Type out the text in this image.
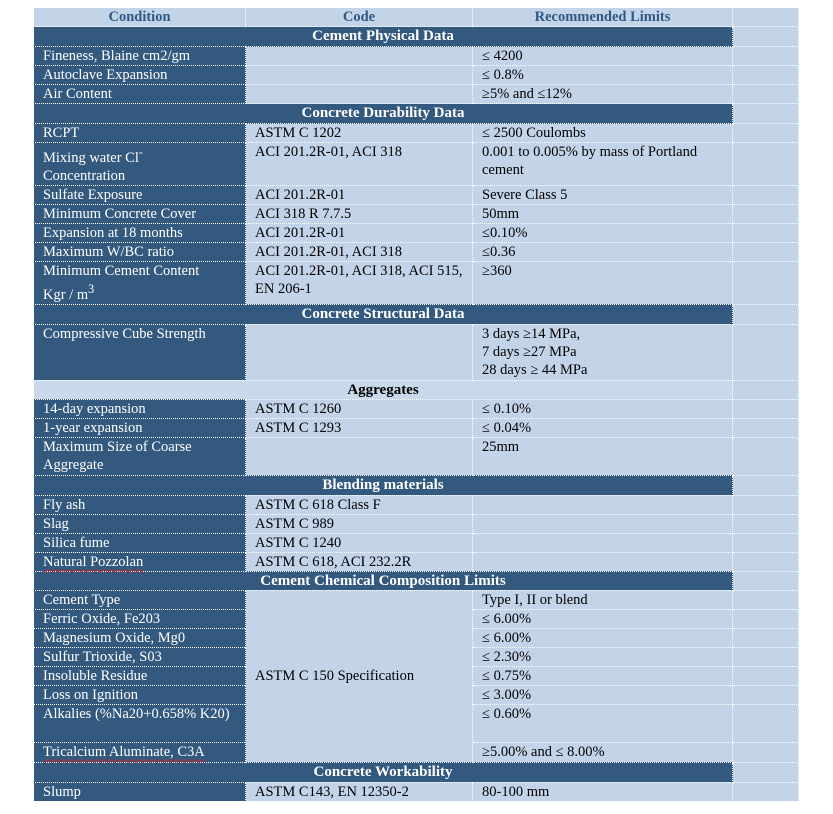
Condition	Code	Recommended Limits	
Cement Physical Data			
Fineness, Blaine cm2/gm		≤ 4200	
Autoclave Expansion		≤ 0.8%	
Air Content		≥5% and ≤12%	
Concrete Durability Data			
RCPT	ASTM C 1202	≤ 2500 Coulombs	
Mixing water Cl-
Concentration	ACI 201.2R-01, ACI 318	0.001 to 0.005% by mass of Portland cement	
Sulfate Exposure	ACI 201.2R-01	Severe Class 5	
Minimum Concrete Cover	ACI 318 R 7.7.5	50mm	
Expansion at 18 months	ACI 201.2R-01	≤0.10%	
Maximum W/BC ratio	ACI 201.2R-01, ACI 318	≤0.36	

Minimum Cement Content
Kgr / $m^3$	ACI 201.2R-01, ACI 318, ACI 515, EN 206-1	≥360	
Concrete Structural Data			
Compressive Cube Strength		3 days ≥14 MPa,
7 days ≥27 MPa
28 days ≥ 44 MPa	

Aggregates			
14-day expansion	ASTM C 1260	≤ 0.10%	
1-year expansion	ASTM C 1293	≤ 0.04%	
Maximum Size of Coarse Aggregate		25mm	
Blending materials			
Fly ash	ASTM C 618 Class F		
Slag	ASTM C 989		
Silica fume	ASTM C 1240		
Natural Pozzolan	ASTM C 618, ACI 232.2R		
Cement Chemical Composition Limits			
Cement Type	ASTM C 150 Specification	Type I, II or blend	
Ferric Oxide, Fe203		≤ 6.00%	
Magnesium Oxide, Mg0		≤ 6.00%	
Sulfur Trioxide, S03		≤ 2.30%	
Insoluble Residue		≤ 0.75%	
Loss on Ignition		≤ 3.00%	
Alkalies (%Na20+0.658% K20)		≤ 0.60%	
Tricalcium Aluminate, C3A		≥5.00% and ≤ 8.00%	
Concrete Workability			
Slump	ASTM C143, EN 12350-2	80-100 mm	
